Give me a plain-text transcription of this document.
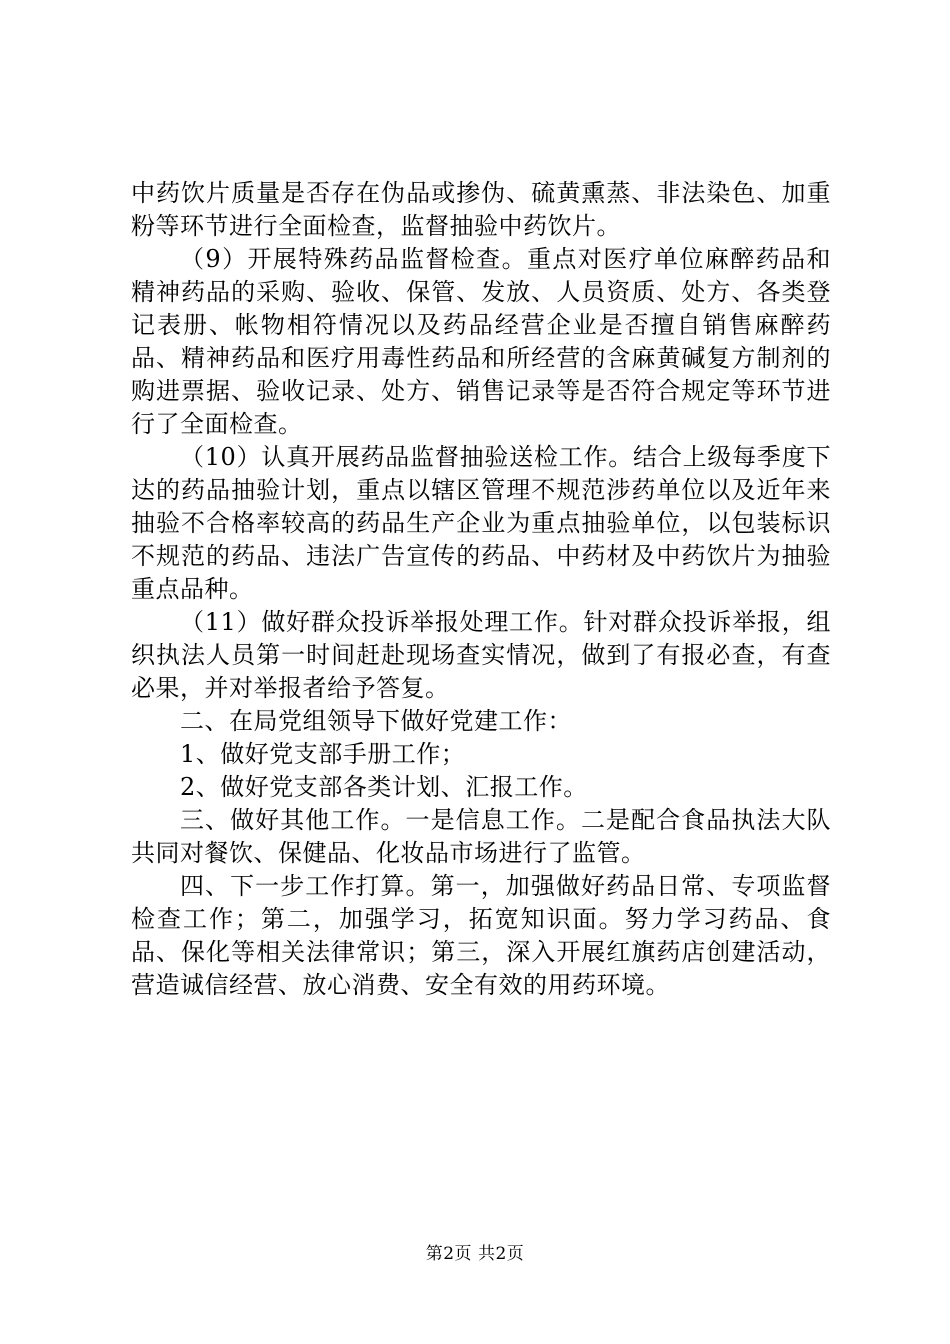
中药饮片质量是否存在伪品或掺伪、硫黄熏蒸、非法染色、加重粉等环节进行全面检查，监督抽验中药饮片。

（9）开展特殊药品监督检查。重点对医疗单位麻醉药品和精神药品的采购、验收、保管、发放、人员资质、处方、各类登记表册、帐物相符情况以及药品经营企业是否擅自销售麻醉药品、精神药品和医疗用毒性药品和所经营的含麻黄碱复方制剂的购进票据、验收记录、处方、销售记录等是否符合规定等环节进行了全面检查。

（10）认真开展药品监督抽验送检工作。结合上级每季度下达的药品抽验计划，重点以辖区管理不规范涉药单位以及近年来抽验不合格率较高的药品生产企业为重点抽验单位，以包装标识不规范的药品、违法广告宣传的药品、中药材及中药饮片为抽验重点品种。

（11）做好群众投诉举报处理工作。针对群众投诉举报，组织执法人员第一时间赶赴现场查实情况，做到了有报必查，有查必果，并对举报者给予答复。

二、在局党组领导下做好党建工作：

1、做好党支部手册工作；

2、做好党支部各类计划、汇报工作。

三、做好其他工作。一是信息工作。二是配合食品执法大队共同对餐饮、保健品、化妆品市场进行了监管。

四、下一步工作打算。第一，加强做好药品日常、专项监督检查工作；第二，加强学习，拓宽知识面。努力学习药品、食品、保化等相关法律常识；第三，深入开展红旗药店创建活动，营造诚信经营、放心消费、安全有效的用药环境。

第2页 共2页
